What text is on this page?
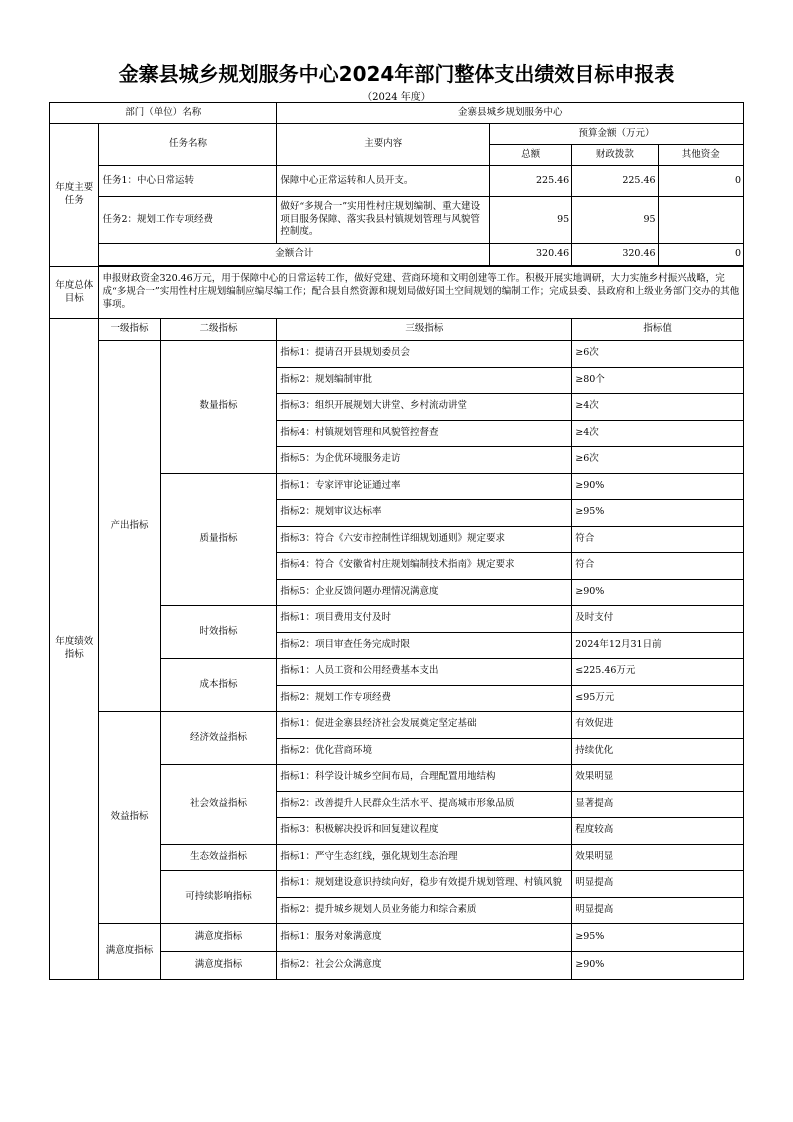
金寨县城乡规划服务中心2024年部门整体支出绩效目标申报表
（2024 年度）
部门（单位）名称			金寨县城乡规划服务中心			
年度主要任务	任务名称		主要内容	预算金额（万元）		
				总额	财政拨款	其他资金
	任务1：中心日常运转		保障中心正常运转和人员开支。	225.46	225.46	0
	任务2：规划工作专项经费		做好“多规合一”实用性村庄规划编制、重大建设项目服务保障、落实我县村镇规划管理与风貌管控制度。	95	95	
	金额合计			320.46	320.46	0

年度总体目标	申报财政资金320.46万元，用于保障中心的日常运转工作，做好党建、营商环境和文明创建等工作。积极开展实地调研，大力实施乡村振兴战略，完成“多规合一”实用性村庄规划编制应编尽编工作；配合县自然资源和规划局做好国土空间规划的编制工作；完成县委、县政府和上级业务部门交办的其他事项。					
年度绩效指标	一级指标	二级指标	三级指标		指标值	
	产出指标	数量指标	指标1：提请召开县规划委员会		≥6次	
			指标2：规划编制审批		≥80个	
			指标3：组织开展规划大讲堂、乡村流动讲堂		≥4次	
			指标4：村镇规划管理和风貌管控督查		≥4次	
			指标5：为企优环境服务走访		≥6次	
		质量指标	指标1：专家评审论证通过率		≥90%	
			指标2：规划审议达标率		≥95%	
			指标3：符合《六安市控制性详细规划通则》规定要求		符合	
			指标4：符合《安徽省村庄规划编制技术指南》规定要求		符合	
			指标5：企业反馈问题办理情况满意度		≥90%	
		时效指标	指标1：项目费用支付及时		及时支付	
			指标2：项目审查任务完成时限		2024年12月31日前	
		成本指标	指标1：人员工资和公用经费基本支出		≤225.46万元	
			指标2：规划工作专项经费		≤95万元	
	效益指标	经济效益指标	指标1：促进金寨县经济社会发展奠定坚定基础		有效促进	
			指标2：优化营商环境		持续优化	
		社会效益指标	指标1：科学设计城乡空间布局，合理配置用地结构		效果明显	
			指标2：改善提升人民群众生活水平、提高城市形象品质		显著提高	
			指标3：积极解决投诉和回复建议程度		程度较高	
		生态效益指标	指标1：严守生态红线，强化规划生态治理		效果明显	
		可持续影响指标	指标1：规划建设意识持续向好，稳步有效提升规划管理、村镇风貌		明显提高	
			指标2：提升城乡规划人员业务能力和综合素质		明显提高	
	满意度指标	满意度指标	指标1：服务对象满意度		≥95%	
		满意度指标	指标2：社会公众满意度		≥90%	
